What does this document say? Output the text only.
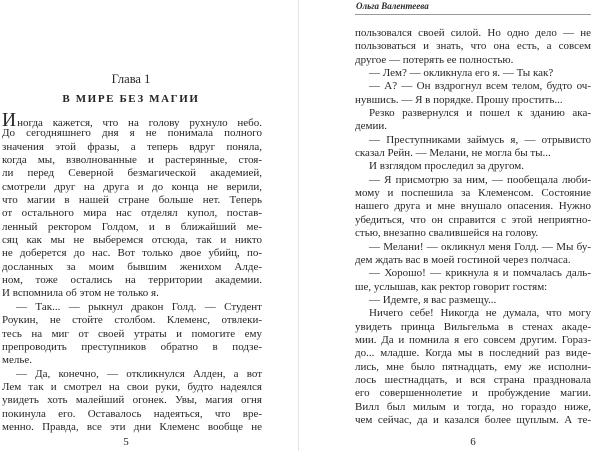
Глава 1
В МИРЕ БЕЗ МАГИИ
Иногда кажется, что на голову рухнуло небо.
До сегодняшнего дня я не понимала полного
значения этой фразы, а теперь вдруг поняла,
когда мы, взволнованные и растерянные, стоя-
ли перед Северной безмагической академией,
смотрели друг на друга и до конца не верили,
что магии в нашей стране больше нет. Теперь
от остального мира нас отделял купол, постав-
ленный ректором Голдом, и в ближайший ме-
сяц как мы не выберемся отсюда, так и никто
не доберется до нас. Вот только двое убийц, по-
досланных за моим бывшим женихом Алде-
ном, тоже остались на территории академии.
И вспомнила об этом не только я.
— Так... — рыкнул дракон Голд. — Студент
Роукин, не стойте столбом. Клеменс, отвлеки-
тесь на миг от своей утраты и помогите ему
препроводить преступников обратно в подзе-
мелье.
— Да, конечно, — откликнулся Алден, а вот
Лем так и смотрел на свои руки, будто надеялся
увидеть хоть малейший огонек. Увы, магия огня
покинула его. Оставалось надеяться, что вре-
менно. Правда, все эти дни Клеменс вообще не
5
Ольга Валентеева
пользовался своей силой. Но одно дело — не
пользоваться и знать, что она есть, а совсем
другое — потерять ее полностью.
— Лем? — окликнула его я. — Ты как?
— А? — Он вздрогнул всем телом, будто оч-
нувшись. — Я в порядке. Прошу простить...
Резко развернулся и пошел к зданию ака-
демии.
— Преступниками займусь я, — отрывисто
сказал Рейн. — Мелани, не могла бы ты...
И взглядом проследил за другом.
— Я присмотрю за ним, — пообещала люби-
мому и поспешила за Клеменсом. Состояние
нашего друга и мне внушало опасения. Нужно
убедиться, что он справится с этой неприятно-
стью, внезапно свалившейся на голову.
— Мелани! — окликнул меня Голд. — Мы бу-
дем ждать вас в моей гостиной через полчаса.
— Хорошо! — крикнула я и помчалась даль-
ше, услышав, как ректор говорит гостям:
— Идемте, я вас размещу...
Ничего себе! Никогда не думала, что могу
увидеть принца Вильгельма в стенах акаде-
мии. Да и помнила я его совсем другим. Гораз-
до... младше. Когда мы в последний раз виде-
лись, мне было пятнадцать, ему же исполни-
лось шестнадцать, и вся страна праздновала
его совершеннолетие и пробуждение магии.
Вилл был милым и тогда, но гораздо ниже,
чем сейчас, да и казался более щуплым. А те-
6
